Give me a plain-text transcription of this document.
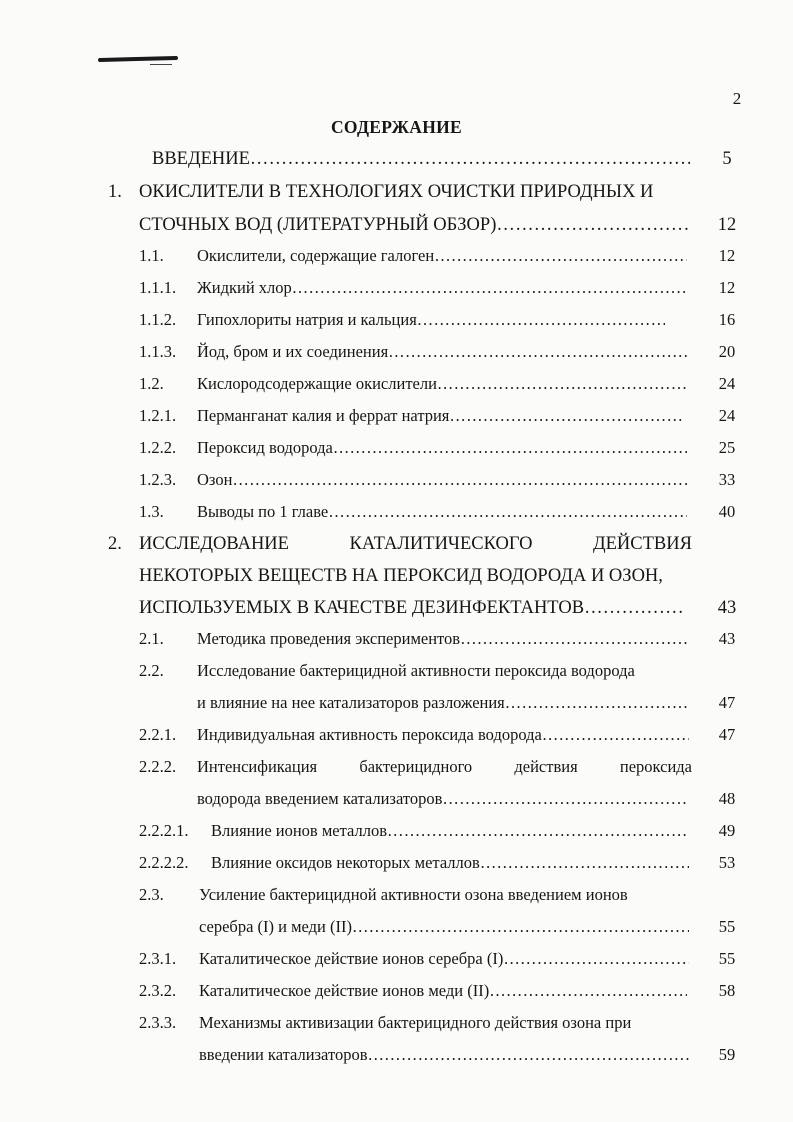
2
СОДЕРЖАНИЕ
ВВЕДЕНИЕ …………………………………………………………………………………………………………………………………………	5
1. ОКИСЛИТЕЛИ В ТЕХНОЛОГИЯХ ОЧИСТКИ ПРИРОДНЫХ И
СТОЧНЫХ ВОД (ЛИТЕРАТУРНЫЙ ОБЗОР) …………………………………………………………………………………………………………………………………………	12
1.1. Окислители, содержащие галоген …………………………………………………………………………………………………………………………………………	12
1.1.1. Жидкий хлор …………………………………………………………………………………………………………………………………………	12
1.1.2. Гипохлориты натрия и кальция …………………………………………………………………………………………………………………………………………	16
1.1.3. Йод, бром и их соединения …………………………………………………………………………………………………………………………………………	20
1.2. Кислородсодержащие окислители …………………………………………………………………………………………………………………………………………	24
1.2.1. Перманганат калия и феррат натрия …………………………………………………………………………………………………………………………………………	24
1.2.2. Пероксид водорода …………………………………………………………………………………………………………………………………………	25
1.2.3. Озон …………………………………………………………………………………………………………………………………………	33
1.3. Выводы по 1 главе …………………………………………………………………………………………………………………………………………	40
2. ИССЛЕДОВАНИЕ	КАТАЛИТИЧЕСКОГО	ДЕЙСТВИЯ
НЕКОТОРЫХ ВЕЩЕСТВ НА ПЕРОКСИД ВОДОРОДА И ОЗОН,
ИСПОЛЬЗУЕМЫХ В КАЧЕСТВЕ ДЕЗИНФЕКТАНТОВ …………………………………………………………………………………………………………………………………………	43
2.1. Методика проведения экспериментов …………………………………………………………………………………………………………………………………………	43
2.2. Исследование бактерицидной активности пероксида водорода
и влияние на нее катализаторов разложения …………………………………………………………………………………………………………………………………………	47
2.2.1. Индивидуальная активность пероксида водорода …………………………………………………………………………………………………………………………………………	47
2.2.2. Интенсификация	бактерицидного	действия	пероксида
водорода введением катализаторов …………………………………………………………………………………………………………………………………………	48
2.2.2.1. Влияние ионов металлов …………………………………………………………………………………………………………………………………………	49
2.2.2.2. Влияние оксидов некоторых металлов …………………………………………………………………………………………………………………………………………	53
2.3. Усиление бактерицидной активности озона введением ионов
серебра (I) и меди (II) …………………………………………………………………………………………………………………………………………	55
2.3.1. Каталитическое действие ионов серебра (I) …………………………………………………………………………………………………………………………………………	55
2.3.2. Каталитическое действие ионов меди (II) …………………………………………………………………………………………………………………………………………	58
2.3.3. Механизмы активизации бактерицидного действия озона при
введении катализаторов …………………………………………………………………………………………………………………………………………	59
